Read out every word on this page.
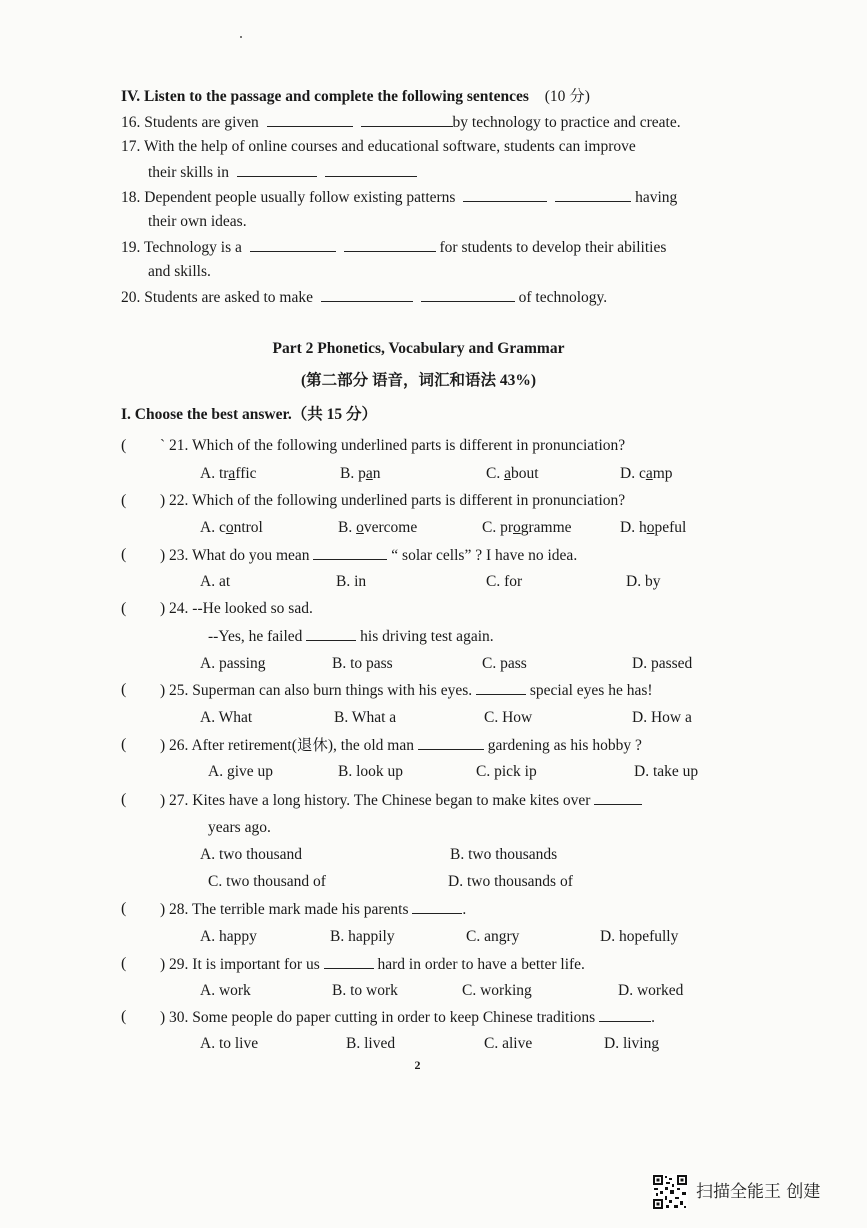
IV. Listen to the passage and complete the following sentences (10 分)
16. Students are given	by technology to practice and create.
17. With the help of online courses and educational software, students can improve
their skills in
18. Dependent people usually follow existing patterns	having
their own ideas.
19. Technology is a	for students to develop their abilities
and skills.
20. Students are asked to make	of technology.
Part 2 Phonetics, Vocabulary and Grammar
(第二部分 语音，词汇和语法 43%)
I. Choose the best answer.（共 15 分）
( ` 21. Which of the following underlined parts is different in pronunciation?
A. traffic	B. pan	C. about	D. camp
( ) 22. Which of the following underlined parts is different in pronunciation?
A. control	B. overcome	C. programme	D. hopeful
( ) 23. What do you mean	“ solar cells” ? I have no idea.
A. at	B. in	C. for	D. by
( ) 24. --He looked so sad.
--Yes, he failed	his driving test again.
A. passing	B. to pass	C. pass	D. passed
( ) 25. Superman can also burn things with his eyes.	special eyes he has!
A. What	B. What a	C. How	D. How a
( ) 26. After retirement(退休), the old man	gardening as his hobby ?
A. give up	B. look up	C. pick ip	D. take up
( ) 27. Kites have a long history. The Chinese began to make kites over
years ago.
A. two thousand	B. two thousands
C. two thousand of	D. two thousands of
( ) 28. The terrible mark made his parents	.
A. happy	B. happily	C. angry	D. hopefully
( ) 29. It is important for us	hard in order to have a better life.
A. work	B. to work	C. working	D. worked
( ) 30. Some people do paper cutting in order to keep Chinese traditions	.
A. to live	B. lived	C. alive	D. living
2
扫描全能王 创建
